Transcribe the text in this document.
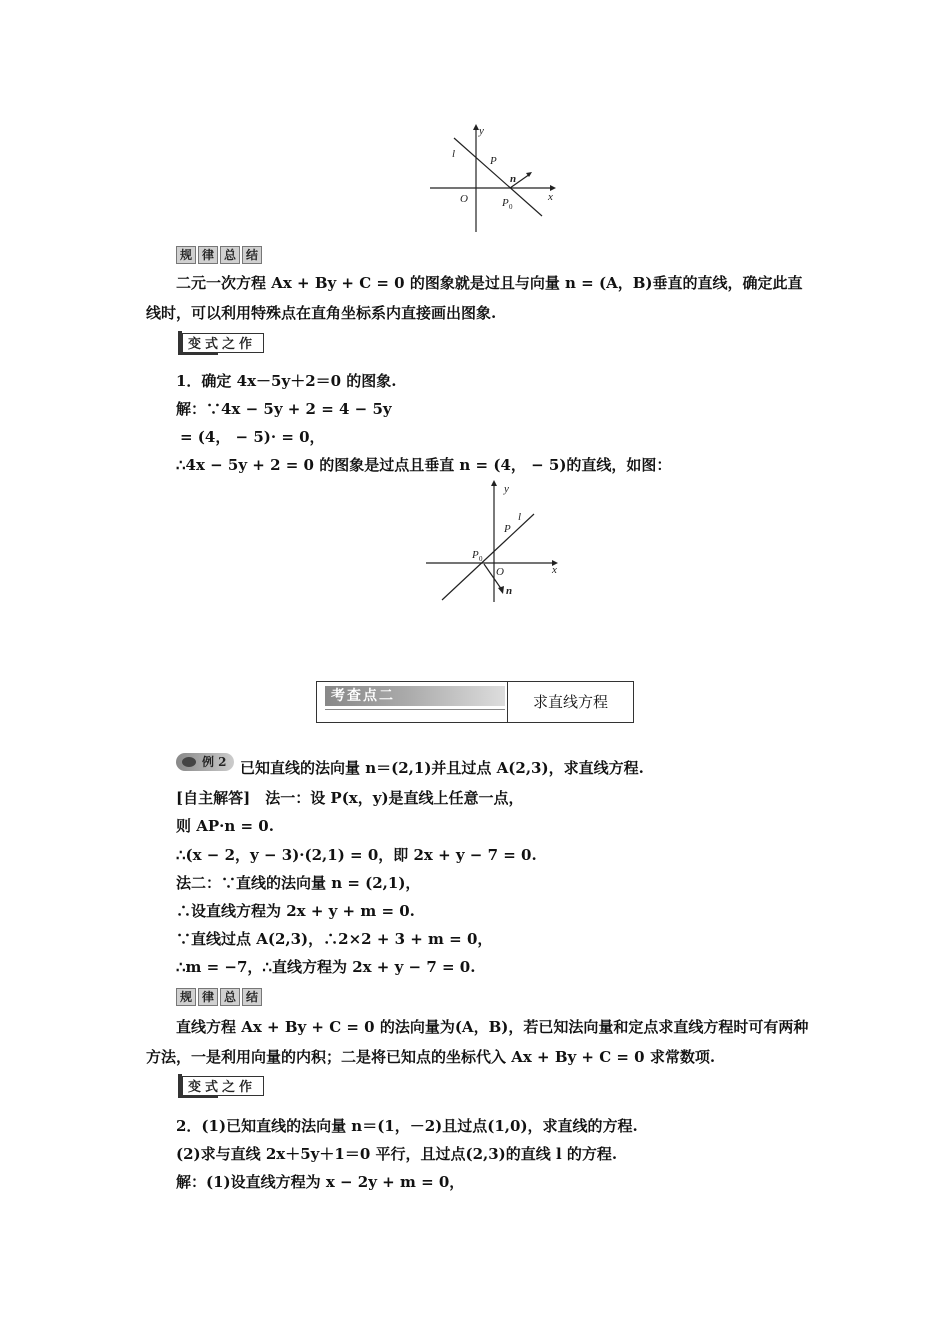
y
l
P
n
O	P 0
x
规 律 总 结
二元一次方程 Ax + By + C = 0 的图象就是过且与向量 n = (A，B)垂直的直线，确定此直线时，可以利用特殊点在直角坐标系内直接画出图象.
变式之作
1．确定 4x－5y＋2＝0 的图象.
解：∵4x − 5y + 2 = 4 − 5y
= (4， − 5)· = 0，
∴4x − 5y + 2 = 0 的图象是过点且垂直 n = (4， − 5)的直线，如图：
y
l
P
P 0
O	x
n
考查点二	求直线方程
例 2 已知直线的法向量 n＝(2,1)并且过点 A(2,3)，求直线方程.
[自主解答]　法一：设 P(x，y)是直线上任意一点，
则 AP·n = 0.
∴(x − 2，y − 3)·(2,1) = 0，即 2x + y − 7 = 0.
法二：∵直线的法向量 n = (2,1)，
∴设直线方程为 2x + y + m = 0.
∵直线过点 A(2,3)，∴2×2 + 3 + m = 0，
∴m = −7，∴直线方程为 2x + y − 7 = 0.
规 律 总 结
直线方程 Ax + By + C = 0 的法向量为(A，B)，若已知法向量和定点求直线方程时可有两种方法，一是利用向量的内积；二是将已知点的坐标代入 Ax + By + C = 0 求常数项.
变式之作
2．(1)已知直线的法向量 n＝(1，－2)且过点(1,0)，求直线的方程.
(2)求与直线 2x＋5y＋1＝0 平行，且过点(2,3)的直线 l 的方程.
解：(1)设直线方程为 x − 2y + m = 0，
